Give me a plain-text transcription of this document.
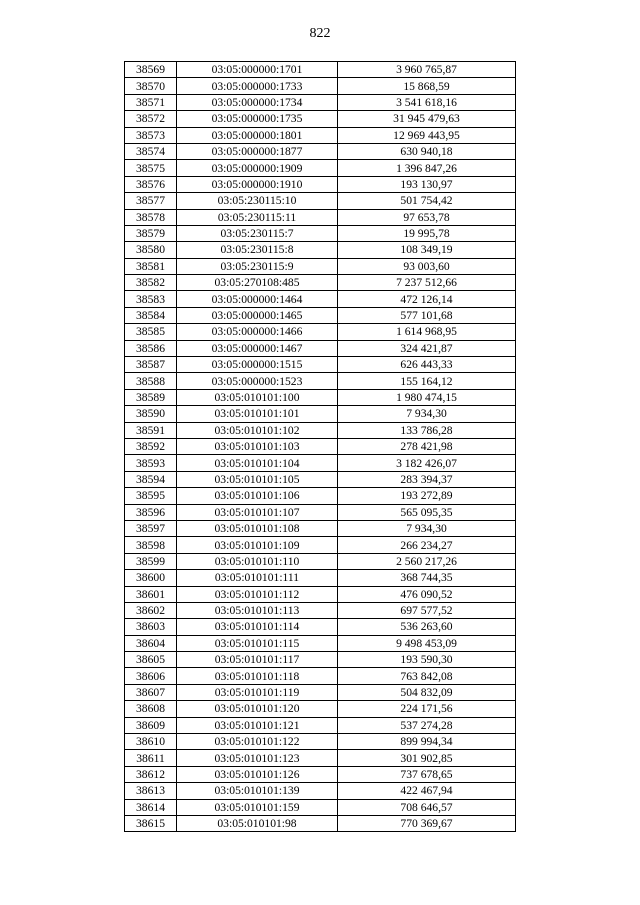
822
38569	03:05:000000:1701	3 960 765,87
38570	03:05:000000:1733	15 868,59
38571	03:05:000000:1734	3 541 618,16
38572	03:05:000000:1735	31 945 479,63
38573	03:05:000000:1801	12 969 443,95
38574	03:05:000000:1877	630 940,18
38575	03:05:000000:1909	1 396 847,26
38576	03:05:000000:1910	193 130,97
38577	03:05:230115:10	501 754,42
38578	03:05:230115:11	97 653,78
38579	03:05:230115:7	19 995,78
38580	03:05:230115:8	108 349,19
38581	03:05:230115:9	93 003,60
38582	03:05:270108:485	7 237 512,66
38583	03:05:000000:1464	472 126,14
38584	03:05:000000:1465	577 101,68
38585	03:05:000000:1466	1 614 968,95
38586	03:05:000000:1467	324 421,87
38587	03:05:000000:1515	626 443,33
38588	03:05:000000:1523	155 164,12
38589	03:05:010101:100	1 980 474,15
38590	03:05:010101:101	7 934,30
38591	03:05:010101:102	133 786,28
38592	03:05:010101:103	278 421,98
38593	03:05:010101:104	3 182 426,07
38594	03:05:010101:105	283 394,37
38595	03:05:010101:106	193 272,89
38596	03:05:010101:107	565 095,35
38597	03:05:010101:108	7 934,30
38598	03:05:010101:109	266 234,27
38599	03:05:010101:110	2 560 217,26
38600	03:05:010101:111	368 744,35
38601	03:05:010101:112	476 090,52
38602	03:05:010101:113	697 577,52
38603	03:05:010101:114	536 263,60
38604	03:05:010101:115	9 498 453,09
38605	03:05:010101:117	193 590,30
38606	03:05:010101:118	763 842,08
38607	03:05:010101:119	504 832,09
38608	03:05:010101:120	224 171,56
38609	03:05:010101:121	537 274,28
38610	03:05:010101:122	899 994,34
38611	03:05:010101:123	301 902,85
38612	03:05:010101:126	737 678,65
38613	03:05:010101:139	422 467,94
38614	03:05:010101:159	708 646,57
38615	03:05:010101:98	770 369,67
